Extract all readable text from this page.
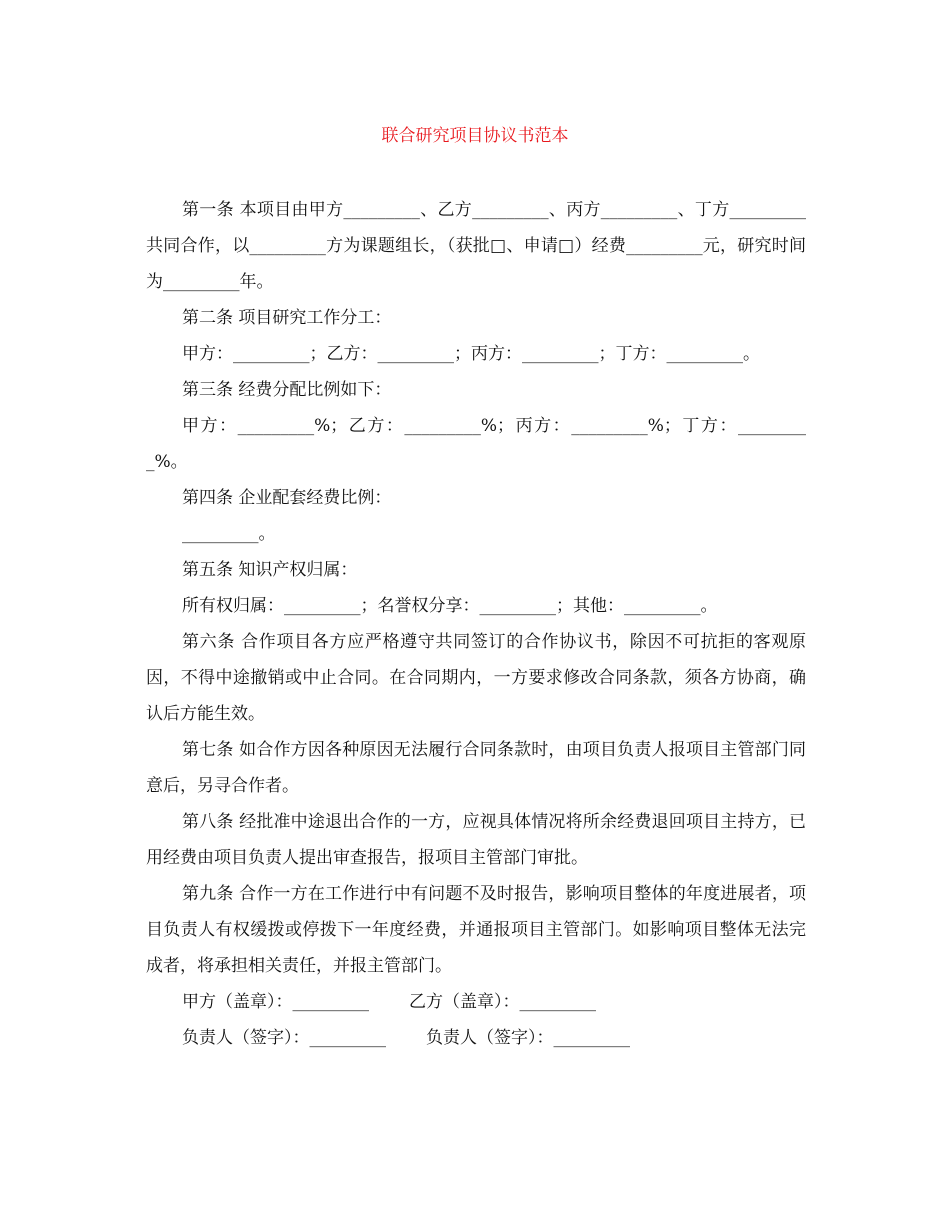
联合研究项目协议书范本

第一条 本项目由甲方_________、乙方_________、丙方_________、丁方_________共同合作，以_________方为课题组长，（获批□、申请□）经费_________元，研究时间为_________年。

第二条 项目研究工作分工：

甲方：_________；乙方：_________；丙方：_________；丁方：_________。

第三条 经费分配比例如下：

甲方：_________%；乙方：_________%；丙方：_________%；丁方：_________%。

第四条 企业配套经费比例：

_________。

第五条 知识产权归属：

所有权归属：_________；名誉权分享：_________；其他：_________。

第六条 合作项目各方应严格遵守共同签订的合作协议书，除因不可抗拒的客观原因，不得中途撤销或中止合同。在合同期内，一方要求修改合同条款，须各方协商，确认后方能生效。

第七条 如合作方因各种原因无法履行合同条款时，由项目负责人报项目主管部门同意后，另寻合作者。

第八条 经批准中途退出合作的一方，应视具体情况将所余经费退回项目主持方，已用经费由项目负责人提出审查报告，报项目主管部门审批。

第九条 合作一方在工作进行中有问题不及时报告，影响项目整体的年度进展者，项目负责人有权缓拨或停拨下一年度经费，并通报项目主管部门。如影响项目整体无法完成者，将承担相关责任，并报主管部门。

甲方（盖章）：_________ 乙方（盖章）：_________

负责人（签字）：_________ 负责人（签字）：_________
